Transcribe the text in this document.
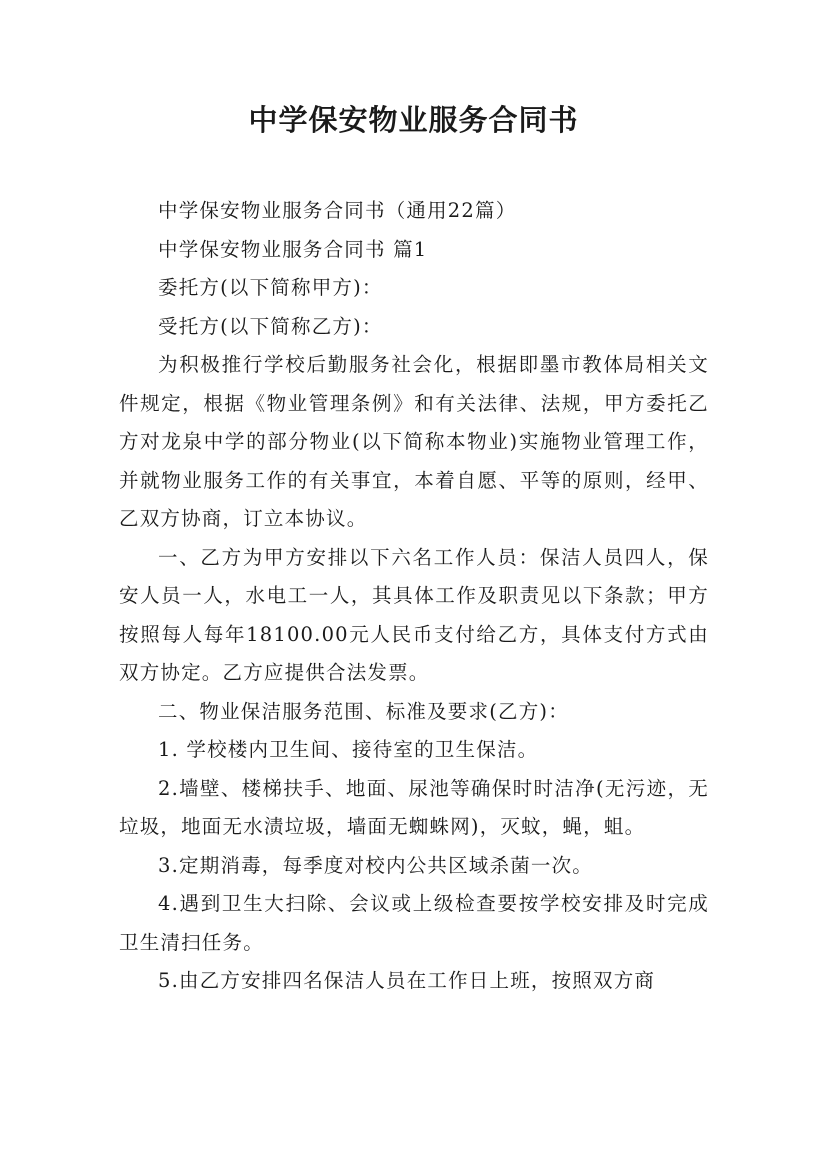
中学保安物业服务合同书

中学保安物业服务合同书（通用22篇）

中学保安物业服务合同书 篇1

委托方(以下简称甲方)：

受托方(以下简称乙方)：

为积极推行学校后勤服务社会化，根据即墨市教体局相关文件规定，根据《物业管理条例》和有关法律、法规，甲方委托乙方对龙泉中学的部分物业(以下简称本物业)实施物业管理工作，并就物业服务工作的有关事宜，本着自愿、平等的原则，经甲、乙双方协商，订立本协议。

一、乙方为甲方安排以下六名工作人员：保洁人员四人，保安人员一人，水电工一人，其具体工作及职责见以下条款；甲方按照每人每年18100.00元人民币支付给乙方，具体支付方式由双方协定。乙方应提供合法发票。

二、物业保洁服务范围、标准及要求(乙方)：

1. 学校楼内卫生间、接待室的卫生保洁。

2.墙壁、楼梯扶手、地面、尿池等确保时时洁净(无污迹，无垃圾，地面无水渍垃圾，墙面无蜘蛛网)，灭蚊，蝇，蛆。

3.定期消毒，每季度对校内公共区域杀菌一次。

4.遇到卫生大扫除、会议或上级检查要按学校安排及时完成卫生清扫任务。

5.由乙方安排四名保洁人员在工作日上班，按照双方商
